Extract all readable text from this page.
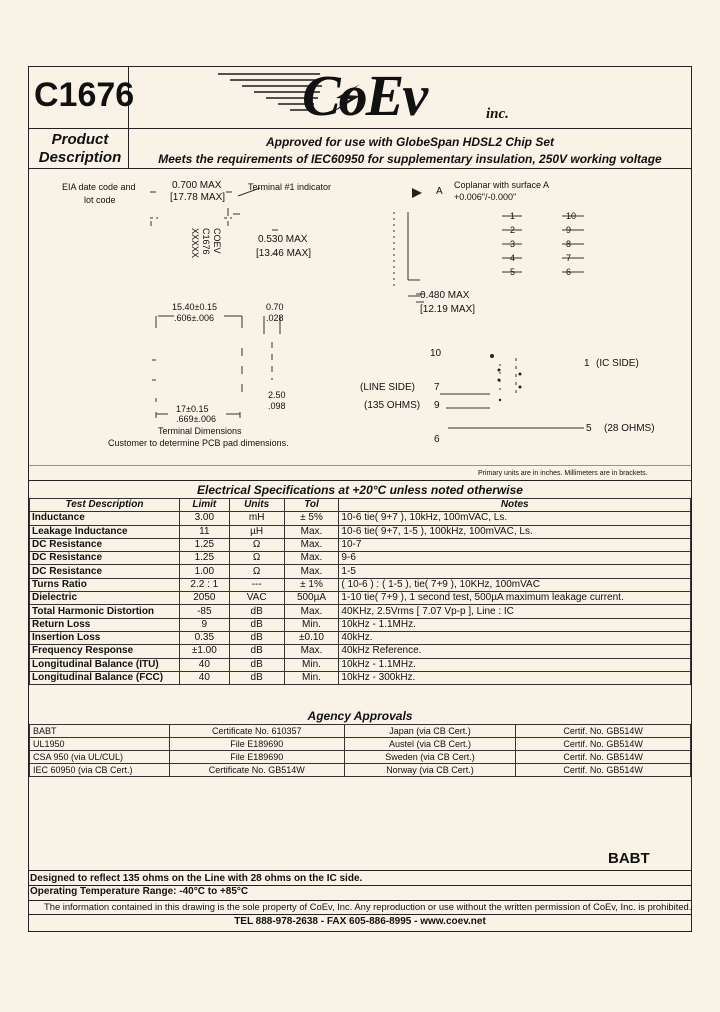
C1676	CoEv	inc.
Product
Description
Approved for use with GlobeSpan HDSL2 Chip Set
Meets the requirements of IEC60950 for supplementary insulation, 250V working voltage
EIA date code and
lot code
0.700 MAX
[17.78 MAX]
Terminal #1 indicator
COEV
C1676
XXXXX	0.530 MAX
[13.46 MAX]
A
Coplanar with surface A
+0.006"/-0.000"
1
2
3
4
5
10
9
8
7
6
0.480 MAX
[12.19 MAX]
15.40±0.15
.606±.006
0.70
.028
2.50
.098
17±0.15
.669±.006
Terminal Dimensions
Customer to determine PCB pad dimensions.
10
7
9
6
1 (IC SIDE)
(LINE SIDE)
(135 OHMS)
5 (28 OHMS)
Primary units are in inches. Millimeters are in brackets.
Electrical Specifications at +20°C unless noted otherwise
Test Description	Limit	Units	Tol	Notes
Inductance	3.00	mH	± 5%	10-6 tie( 9+7 ), 10kHz, 100mVAC, Ls.
Leakage Inductance	11	µH	Max.	10-6 tie( 9+7, 1-5 ), 100kHz, 100mVAC, Ls.
DC Resistance	1.25	Ω	Max.	10-7
DC Resistance	1.25	Ω	Max.	9-6
DC Resistance	1.00	Ω	Max.	1-5
Turns Ratio	2.2 : 1	---	± 1%	( 10-6 ) : ( 1-5 ), tie( 7+9 ), 10KHz, 100mVAC
Dielectric	2050	VAC	500µA	1-10 tie( 7+9 ), 1 second test, 500µA maximum leakage current.
Total Harmonic Distortion	-85	dB	Max.	40KHz, 2.5Vrms [ 7.07 Vp-p ], Line : IC
Return Loss	9	dB	Min.	10kHz - 1.1MHz.
Insertion Loss	0.35	dB	±0.10	40kHz.
Frequency Response	±1.00	dB	Max.	40kHz Reference.
Longitudinal Balance (ITU)	40	dB	Min.	10kHz - 1.1MHz.
Longitudinal Balance (FCC)	40	dB	Min.	10kHz - 300kHz.
Agency Approvals
BABT	Certificate No. 610357	Japan (via CB Cert.)	Certif. No. GB514W
UL1950	File E189690	Austel (via CB Cert.)	Certif. No. GB514W
CSA 950 (via UL/CUL)	File E189690	Sweden (via CB Cert.)	Certif. No. GB514W
IEC 60950 (via CB Cert.)	Certificate No. GB514W	Norway (via CB Cert.)	Certif. No. GB514W
BABT
Designed to reflect 135 ohms on the Line with 28 ohms on the IC side.
Operating Temperature Range: -40°C to +85°C
The information contained in this drawing is the sole property of CoEv, Inc. Any reproduction or use without the written permission of CoEv, Inc. is prohibited.
TEL 888-978-2638 - FAX 605-886-8995 - www.coev.net
